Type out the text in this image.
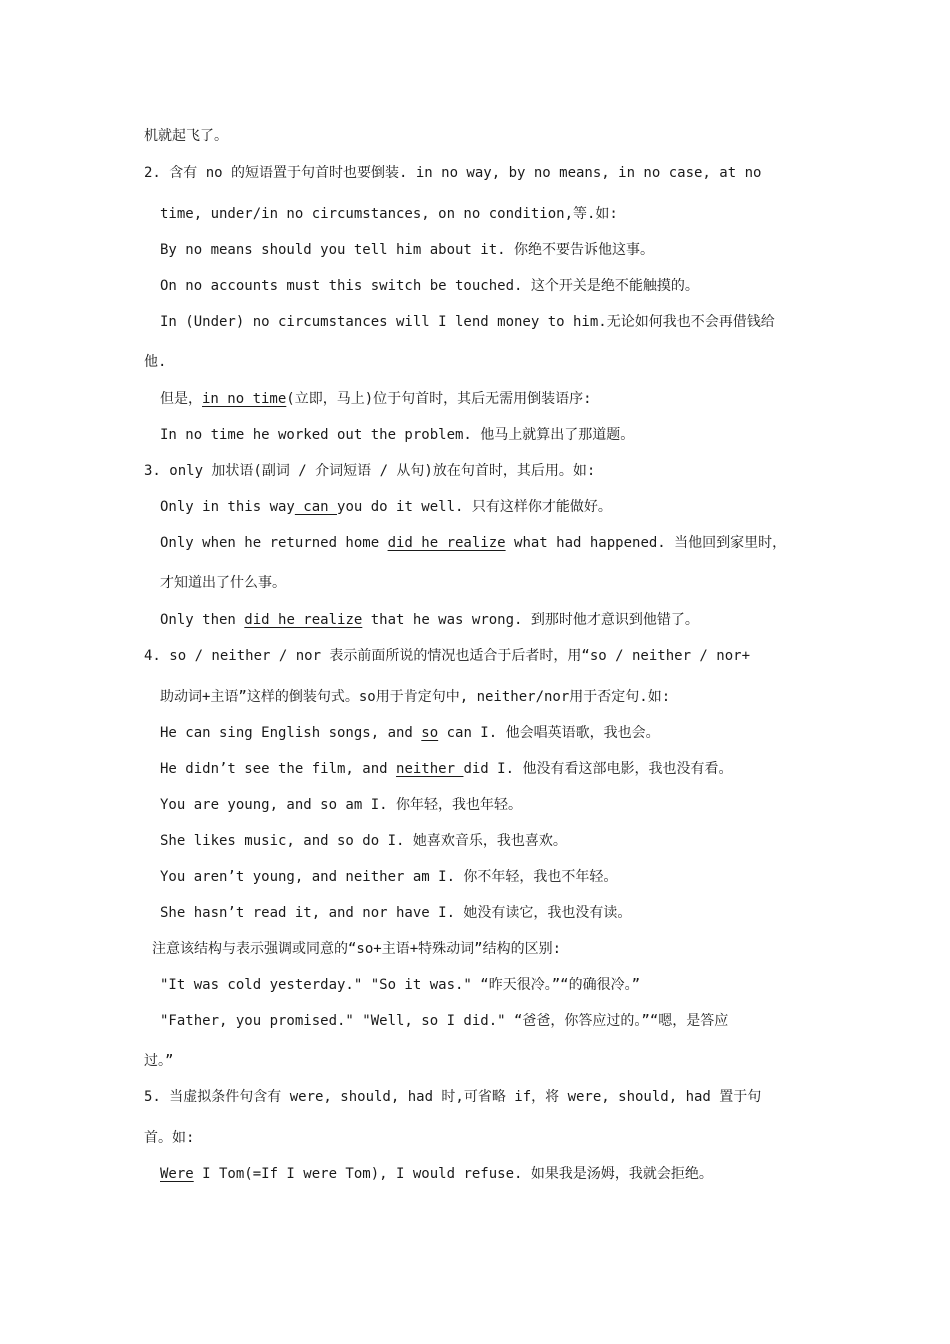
机就起飞了。
2. 含有 no 的短语置于句首时也要倒装. in no way, by no means, in no case, at no
time, under/in no circumstances, on no condition,等.如:
By no means should you tell him about it. 你绝不要告诉他这事。
On no accounts must this switch be touched. 这个开关是绝不能触摸的。
In (Under) no circumstances will I lend money to him.无论如何我也不会再借钱给
他.
但是，in no time(立即，马上)位于句首时，其后无需用倒装语序:
In no time he worked out the problem. 他马上就算出了那道题。
3. only 加状语(副词 / 介词短语 / 从句)放在句首时，其后用。如:
Only in this way can you do it well. 只有这样你才能做好。
Only when he returned home did he realize what had happened. 当他回到家里时，
才知道出了什么事。
Only then did he realize that he was wrong. 到那时他才意识到他错了。
4. so / neither / nor 表示前面所说的情况也适合于后者时，用“so / neither / nor+
助动词+主语”这样的倒装句式。so用于肯定句中, neither/nor用于否定句.如:
He can sing English songs, and so can I. 他会唱英语歌，我也会。
He didn’t see the film, and neither did I. 他没有看这部电影，我也没有看。
You are young, and so am I. 你年轻，我也年轻。
She likes music, and so do I. 她喜欢音乐，我也喜欢。
You aren’t young, and neither am I. 你不年轻，我也不年轻。
She hasn’t read it, and nor have I. 她没有读它，我也没有读。
注意该结构与表示强调或同意的“so+主语+特殊动词”结构的区别:
"It was cold yesterday." "So it was." “昨天很冷。”“的确很冷。”
"Father, you promised." "Well, so I did." “爸爸，你答应过的。”“嗯，是答应
过。”
5. 当虚拟条件句含有 were, should, had 时,可省略 if，将 were, should, had 置于句
首。如:
Were I Tom(=If I were Tom), I would refuse. 如果我是汤姆，我就会拒绝。
